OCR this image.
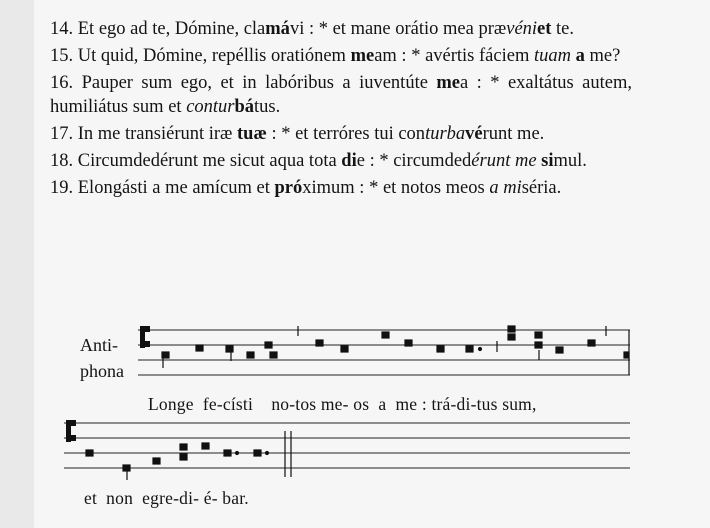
14. Et ego ad te, Dómine, clamávi : * et mane orátio mea prævéniet te.

15. Ut quid, Dómine, repéllis oratiónem meam : * avértis fáciem tuam a me?

16. Pauper sum ego, et in labóribus a iuventúte mea : * exaltátus autem, humiliátus sum et conturbátus.

17. In me transiérunt iræ tuæ : * et terróres tui conturbavérunt me.

18. Circumdedérunt me sicut aqua tota die : * circumdedérunt me simul.

19. Elongásti a me amícum et próximum : * et notos meos a miséria.

Anti-
phona
Longe  fe-císti    no-tos me- os  a  me : trá-di-tus sum,
et  non  egre-di- é- bar.
